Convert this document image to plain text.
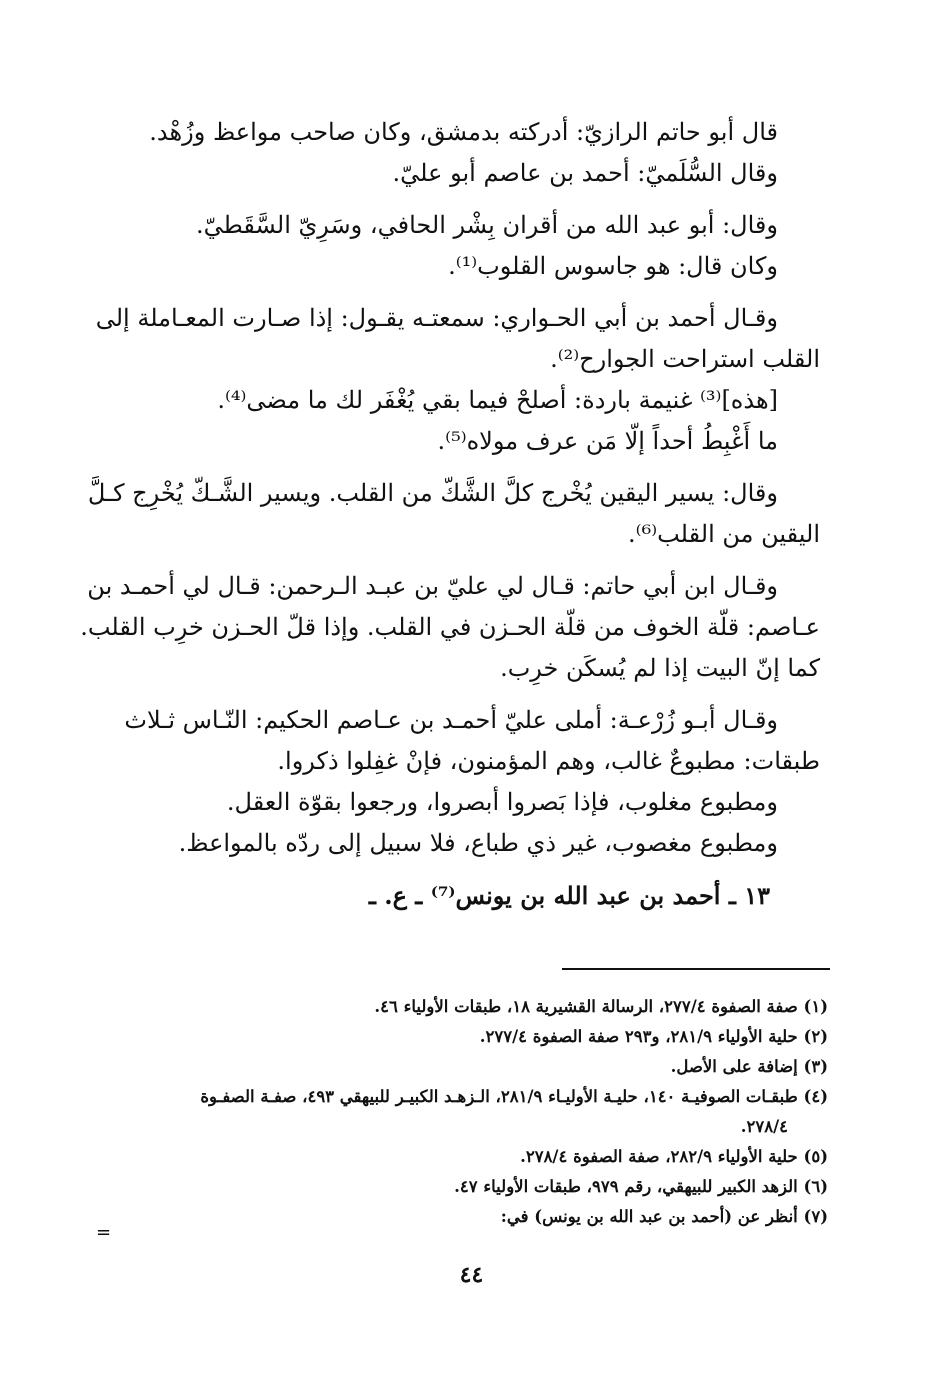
قال أبو حاتم الرازيّ: أدركته بدمشق، وكان صاحب مواعظ وزُهْد.
وقال السُّلَميّ: أحمد بن عاصم أبو عليّ.
وقال: أبو عبد الله من أقران بِشْر الحافي، وسَرِيّ السَّقَطيّ.
وكان قال: هو جاسوس القلوب⁽¹⁾.
وقـال أحمد بن أبي الحـواري: سمعتـه يقـول: إذا صـارت المعـاملة إلى
القلب استراحت الجوارح⁽²⁾.
[هذه]⁽³⁾ غنيمة باردة: أصلحْ فيما بقي يُغْفَر لك ما مضى⁽⁴⁾.
ما أَغْبِطُ أحداً إلّا مَن عرف مولاه⁽⁵⁾.
وقال: يسير اليقين يُخْرج كلَّ الشَّكّ من القلب. ويسير الشَّـكّ يُخْرِج كـلَّ
اليقين من القلب⁽⁶⁾.
وقـال ابن أبي حاتم: قـال لي عليّ بن عبـد الـرحمن: قـال لي أحمـد بن
عـاصم: قلّة الخوف من قلّة الحـزن في القلب. وإذا قلّ الحـزن خرِب القلب.
كما إنّ البيت إذا لم يُسكَن خرِب.
وقـال أبـو زُرْعـة: أملى عليّ أحمـد بن عـاصم الحكيم: النّـاس ثـلاث
طبقات: مطبوعٌ غالب، وهم المؤمنون، فإنْ غفِلوا ذكروا.
ومطبوع مغلوب، فإذا بَصروا أبصروا، ورجعوا بقوّة العقل.
ومطبوع مغصوب، غير ذي طباع، فلا سبيل إلى ردّه بالمواعظ.
١٣ ـ أحمد بن عبد الله بن يونس⁽⁷⁾ ـ ع. ـ
(١) صفة الصفوة ٢٧٧/٤، الرسالة القشيرية ١٨، طبقات الأولياء ٤٦.
(٢) حلية الأولياء ٢٨١/٩، و٢٩٣ صفة الصفوة ٢٧٧/٤.
(٣) إضافة على الأصل.
(٤) طبقـات الصوفيـة ١٤٠، حليـة الأوليـاء ٢٨١/٩، الـزهـد الكبيـر للبيهقي ٤٩٣، صفـة الصفـوة
٢٧٨/٤.
(٥) حلية الأولياء ٢٨٢/٩، صفة الصفوة ٢٧٨/٤.
(٦) الزهد الكبير للبيهقي، رقم ٩٧٩، طبقات الأولياء ٤٧.
(٧) أنظر عن (أحمد بن عبد الله بن يونس) في:
=
٤٤
